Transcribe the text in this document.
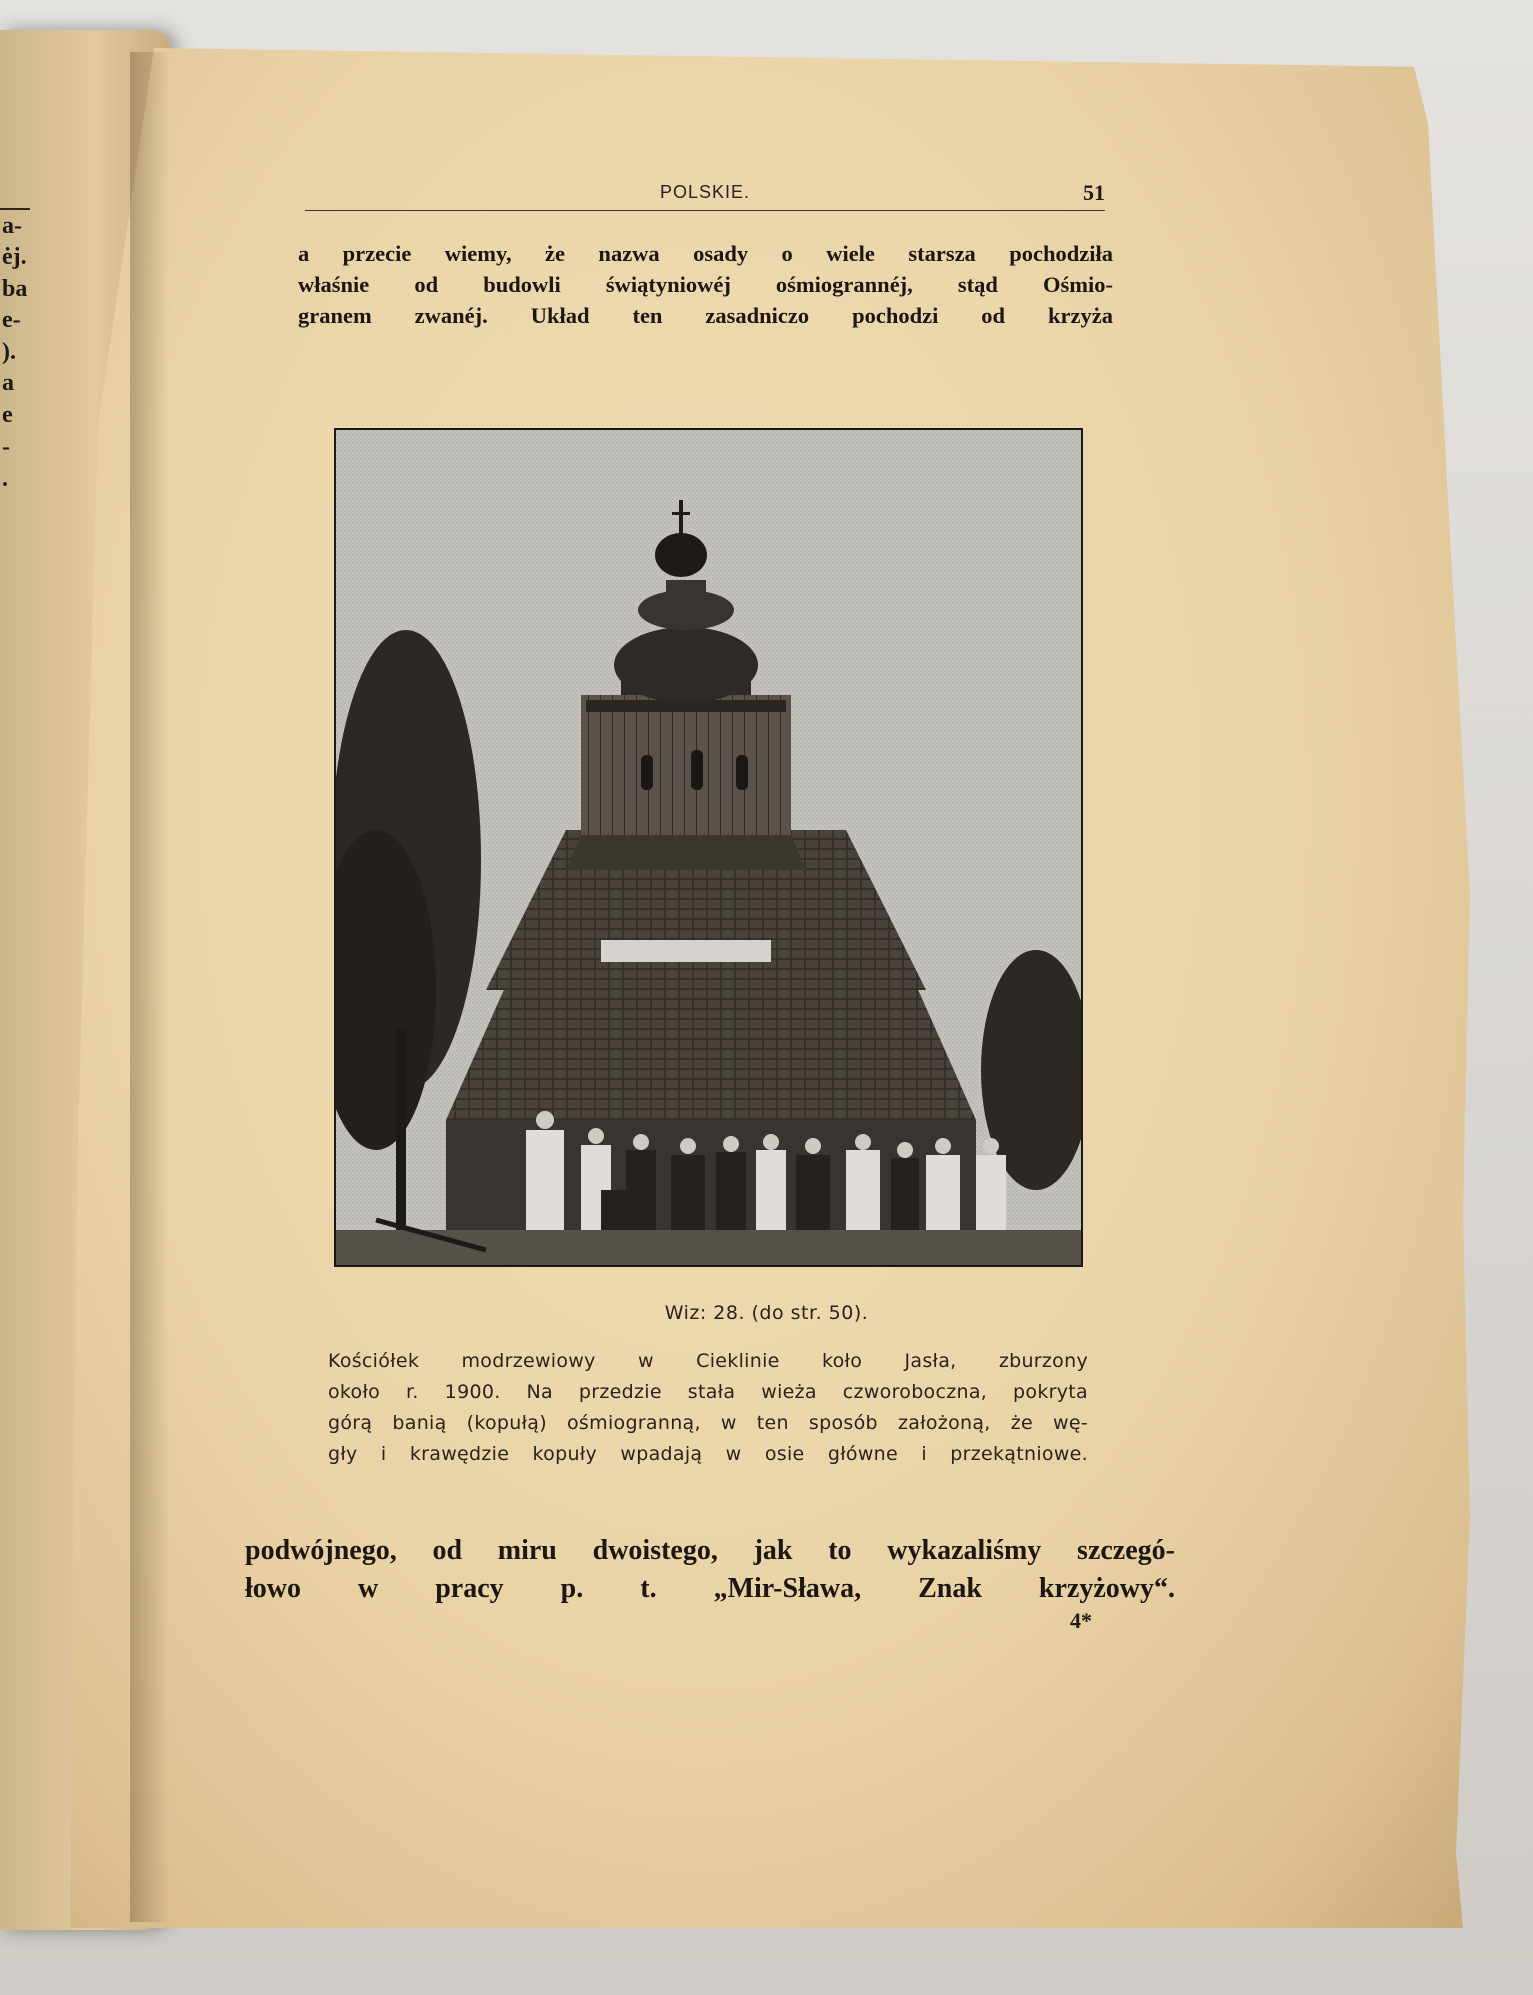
a-
ėj.
ba
e-
).
a
e
-
.
POLSKIE.	51
a przecie wiemy, że nazwa osady o wiele starsza pochodziła
właśnie od budowli świątyniowéj ośmiogrannéj, stąd Ośmio-
granem zwanéj. Układ ten zasadniczo pochodzi od krzyża
Wiz: 28. (do str. 50).
Kościółek modrzewiowy w Cieklinie koło Jasła, zburzony
około r. 1900. Na przedzie stała wieża czworoboczna, pokryta
górą banią (kopułą) ośmiogranną, w ten sposób założoną, że wę-
gły i krawędzie kopuły wpadają w osie główne i przekątniowe.
podwójnego, od miru dwoistego, jak to wykazaliśmy szczegó-
łowo w pracy p. t. „Mir-Sława, Znak krzyżowy“.
4*
